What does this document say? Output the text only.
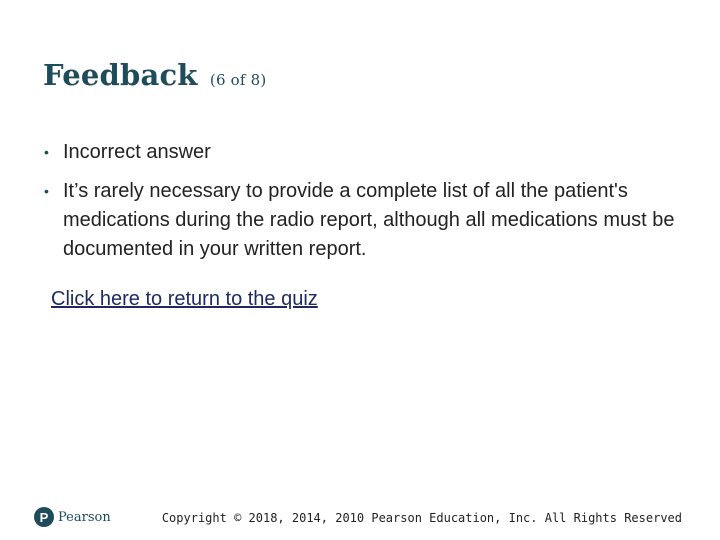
Feedback (6 of 8)
• Incorrect answer
• It’s rarely necessary to provide a complete list of all the patient's medications during the radio report, although all medications must be documented in your written report.
Click here to return to the quiz
P Pearson	Copyright © 2018, 2014, 2010 Pearson Education, Inc. All Rights Reserved
